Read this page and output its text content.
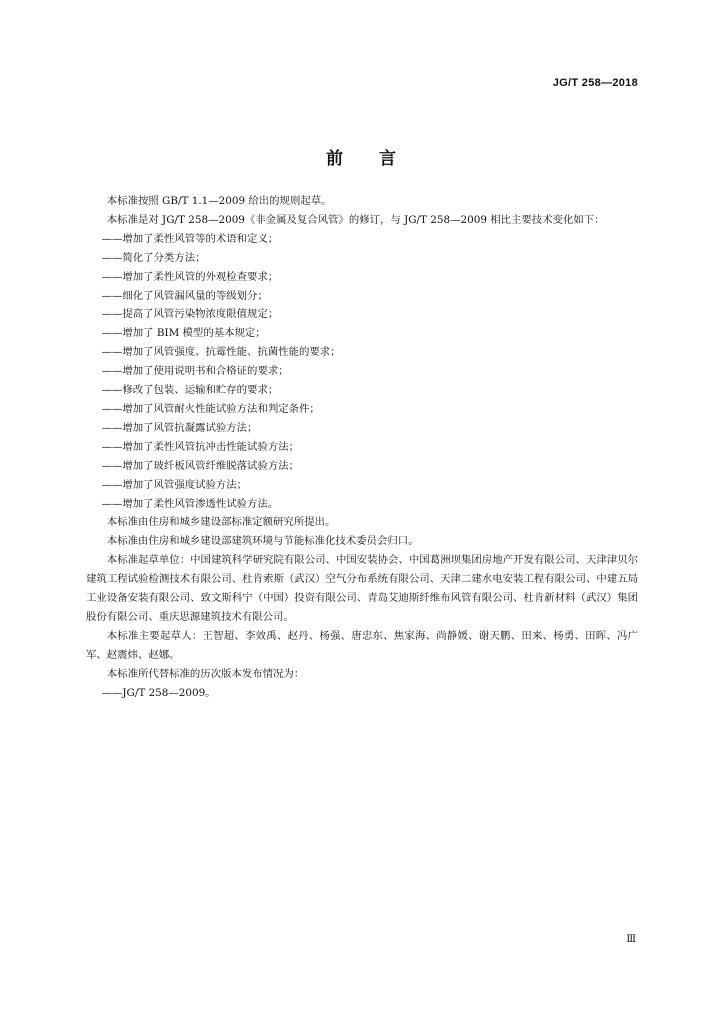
JG/T 258—2018
前 言

本标准按照 GB/T 1.1—2009 给出的规则起草。

本标准是对 JG/T 258—2009《非金属及复合风管》的修订，与 JG/T 258—2009 相比主要技术变化如下：

——增加了柔性风管等的术语和定义；

——简化了分类方法；

——增加了柔性风管的外观检查要求；

——细化了风管漏风量的等级划分；

——提高了风管污染物浓度限值规定；

——增加了 BIM 模型的基本规定；

——增加了风管强度、抗霉性能、抗菌性能的要求；

——增加了使用说明书和合格证的要求；

——修改了包装、运输和贮存的要求；

——增加了风管耐火性能试验方法和判定条件；

——增加了风管抗凝露试验方法；

——增加了柔性风管抗冲击性能试验方法；

——增加了玻纤板风管纤维脱落试验方法；

——增加了风管强度试验方法；

——增加了柔性风管渗透性试验方法。

本标准由住房和城乡建设部标准定额研究所提出。

本标准由住房和城乡建设部建筑环境与节能标准化技术委员会归口。

本标准起草单位：中国建筑科学研究院有限公司、中国安装协会、中国葛洲坝集团房地产开发有限公司、天津津贝尔建筑工程试验检测技术有限公司、杜肯索斯（武汉）空气分布系统有限公司、天津二建水电安装工程有限公司、中建五局工业设备安装有限公司、致文斯科宁（中国）投资有限公司、青岛艾迪斯纤维布风管有限公司、杜肯新材料（武汉）集团股份有限公司、重庆思源建筑技术有限公司。

本标准主要起草人：王智超、李效禹、赵丹、杨强、唐忠东、焦家海、尚静媛、谢天鹏、田来、杨勇、田晖、冯广军、赵震炜、赵娜。

本标准所代替标准的历次版本发布情况为：

——JG/T 258—2009。

Ⅲ
